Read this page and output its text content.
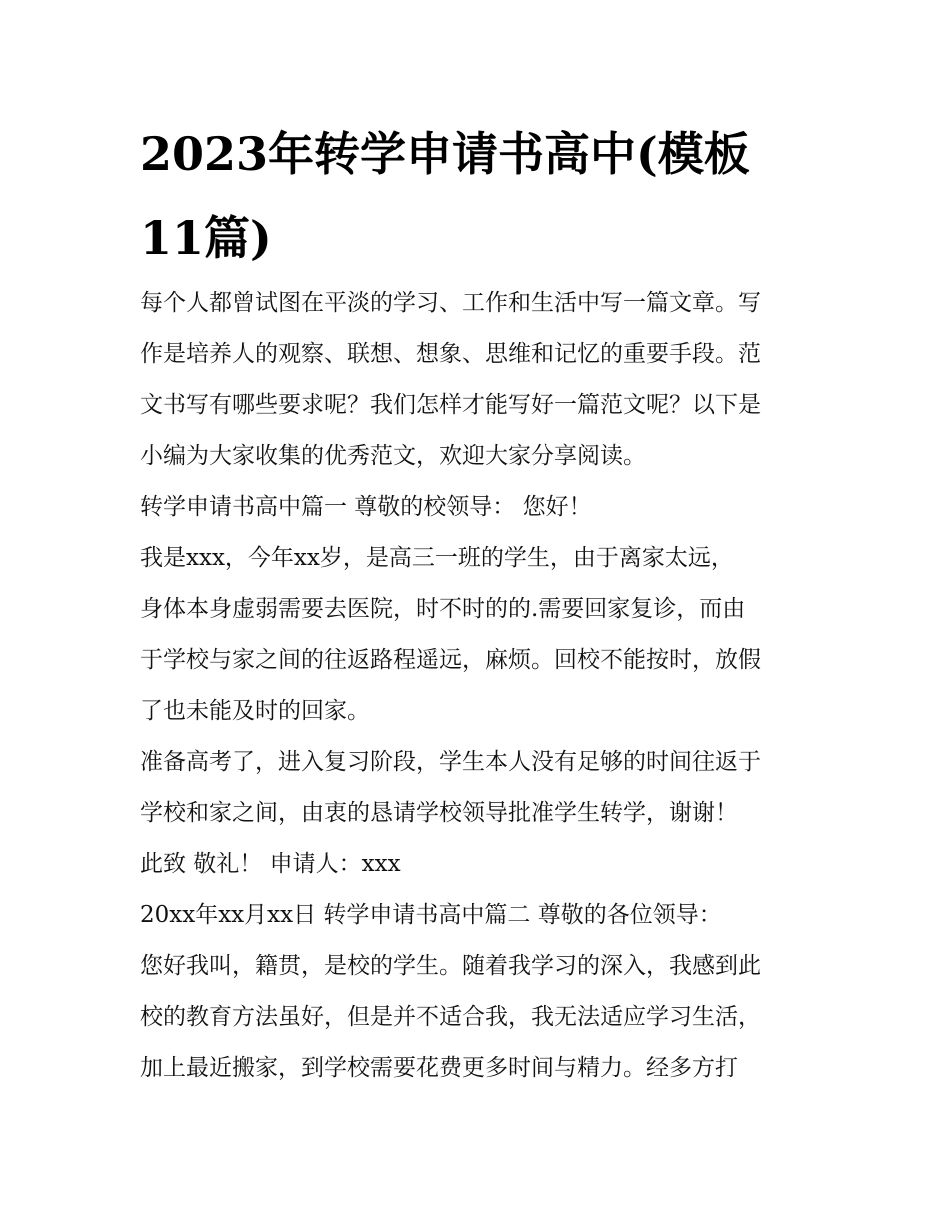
2023年转学申请书高中(模板
11篇)
每个人都曾试图在平淡的学习、工作和生活中写一篇文章。写
作是培养人的观察、联想、想象、思维和记忆的重要手段。范
文书写有哪些要求呢？我们怎样才能写好一篇范文呢？以下是
小编为大家收集的优秀范文，欢迎大家分享阅读。
转学申请书高中篇一 尊敬的校领导： 您好！
我是xxx，今年xx岁，是高三一班的学生，由于离家太远，
身体本身虚弱需要去医院，时不时的的.需要回家复诊，而由
于学校与家之间的往返路程遥远，麻烦。回校不能按时，放假
了也未能及时的回家。
准备高考了，进入复习阶段，学生本人没有足够的时间往返于
学校和家之间，由衷的恳请学校领导批准学生转学，谢谢！
此致 敬礼！ 申请人：xxx
20xx年xx月xx日 转学申请书高中篇二 尊敬的各位领导：
您好我叫，籍贯，是校的学生。随着我学习的深入，我感到此
校的教育方法虽好，但是并不适合我，我无法适应学习生活，
加上最近搬家，到学校需要花费更多时间与精力。经多方打
